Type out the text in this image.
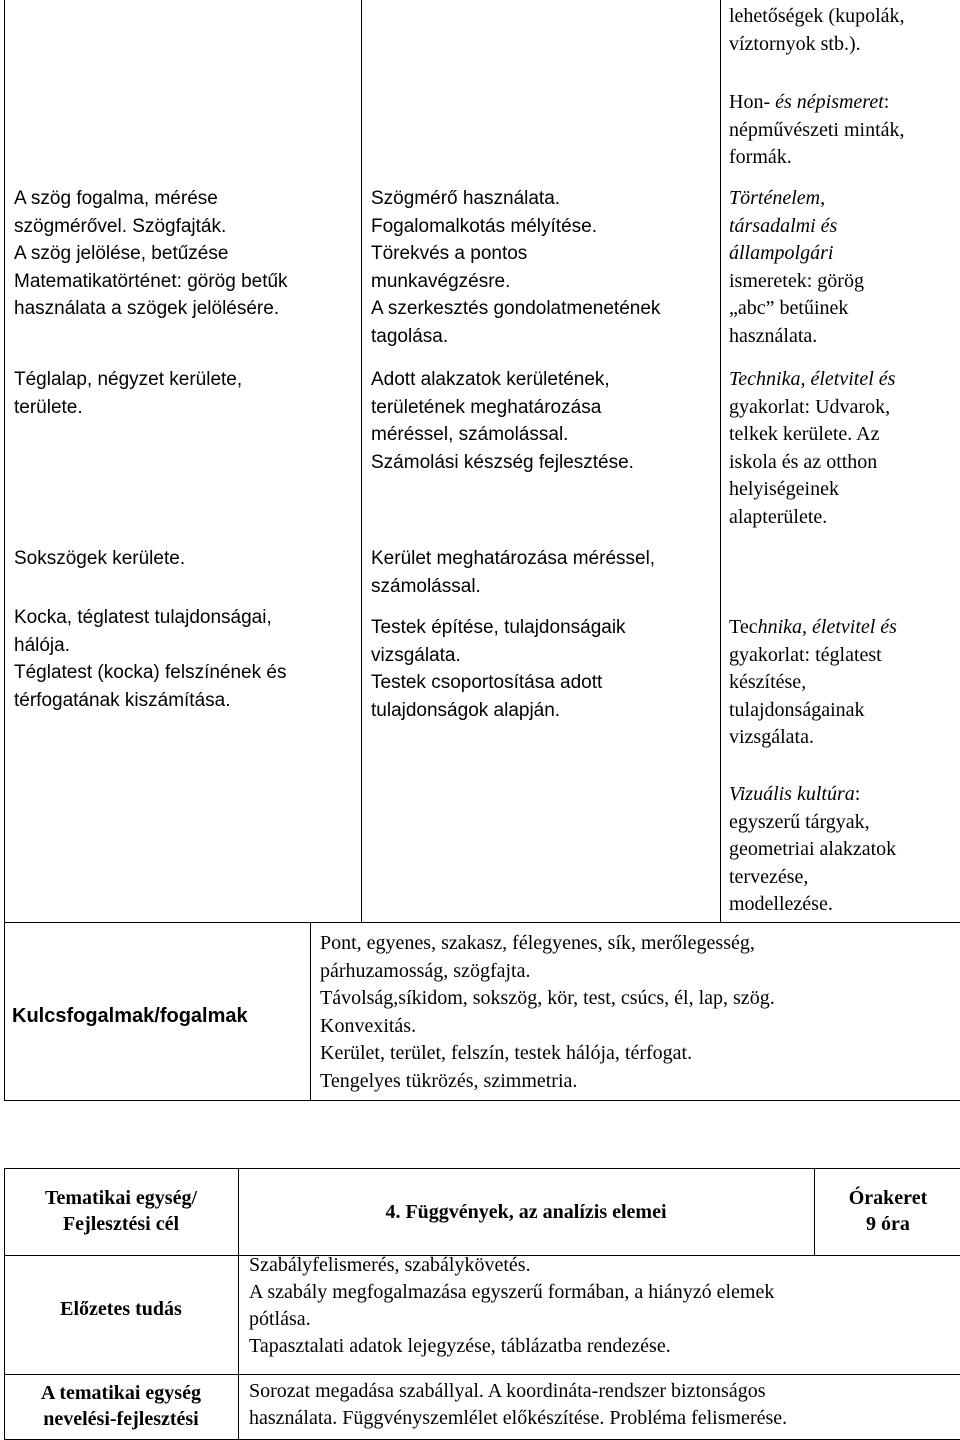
lehetőségek (kupolák,
víztornyok stb.).
Hon- és népismeret:
népművészeti minták,
formák.
Történelem,
társadalmi és
állampolgári
ismeretek: görög
„abc” betűinek
használata.
Technika, életvitel és
gyakorlat: Udvarok,
telkek kerülete. Az
iskola és az otthon
helyiségeinek
alapterülete.
Technika, életvitel és
gyakorlat: téglatest
készítése,
tulajdonságainak
vizsgálata.
Vizuális kultúra:
egyszerű tárgyak,
geometriai alakzatok
tervezése,
modellezése.
A szög fogalma, mérése
szögmérővel. Szögfajták.
A szög jelölése, betűzése
Matematikatörténet: görög betűk
használata a szögek jelölésére.
Téglalap, négyzet kerülete,
területe.
Sokszögek kerülete.
Kocka, téglatest tulajdonságai,
hálója.
Téglatest (kocka) felszínének és
térfogatának kiszámítása.
Szögmérő használata.
Fogalomalkotás mélyítése.
Törekvés a pontos
munkavégzésre.
A szerkesztés gondolatmenetének
tagolása.
Adott alakzatok kerületének,
területének meghatározása
méréssel, számolással.
Számolási készség fejlesztése.
Kerület meghatározása méréssel,
számolással.
Testek építése, tulajdonságaik
vizsgálata.
Testek csoportosítása adott
tulajdonságok alapján.
Kulcsfogalmak/fogalmak
Pont, egyenes, szakasz, félegyenes, sík, merőlegesség,
párhuzamosság, szögfajta.
Távolság,síkidom, sokszög, kör, test, csúcs, él, lap, szög.
Konvexitás.
Kerület, terület, felszín, testek hálója, térfogat.
Tengelyes tükrözés, szimmetria.
Tematikai egység/
Fejlesztési cél
4. Függvények, az analízis elemei
Órakeret
9 óra
Előzetes tudás
Szabályfelismerés, szabálykövetés.
A szabály megfogalmazása egyszerű formában, a hiányzó elemek
pótlása.
Tapasztalati adatok lejegyzése, táblázatba rendezése.
A tematikai egység
nevelési-fejlesztési
Sorozat megadása szabállyal. A koordináta-rendszer biztonságos
használata. Függvényszemlélet előkészítése. Probléma felismerése.
